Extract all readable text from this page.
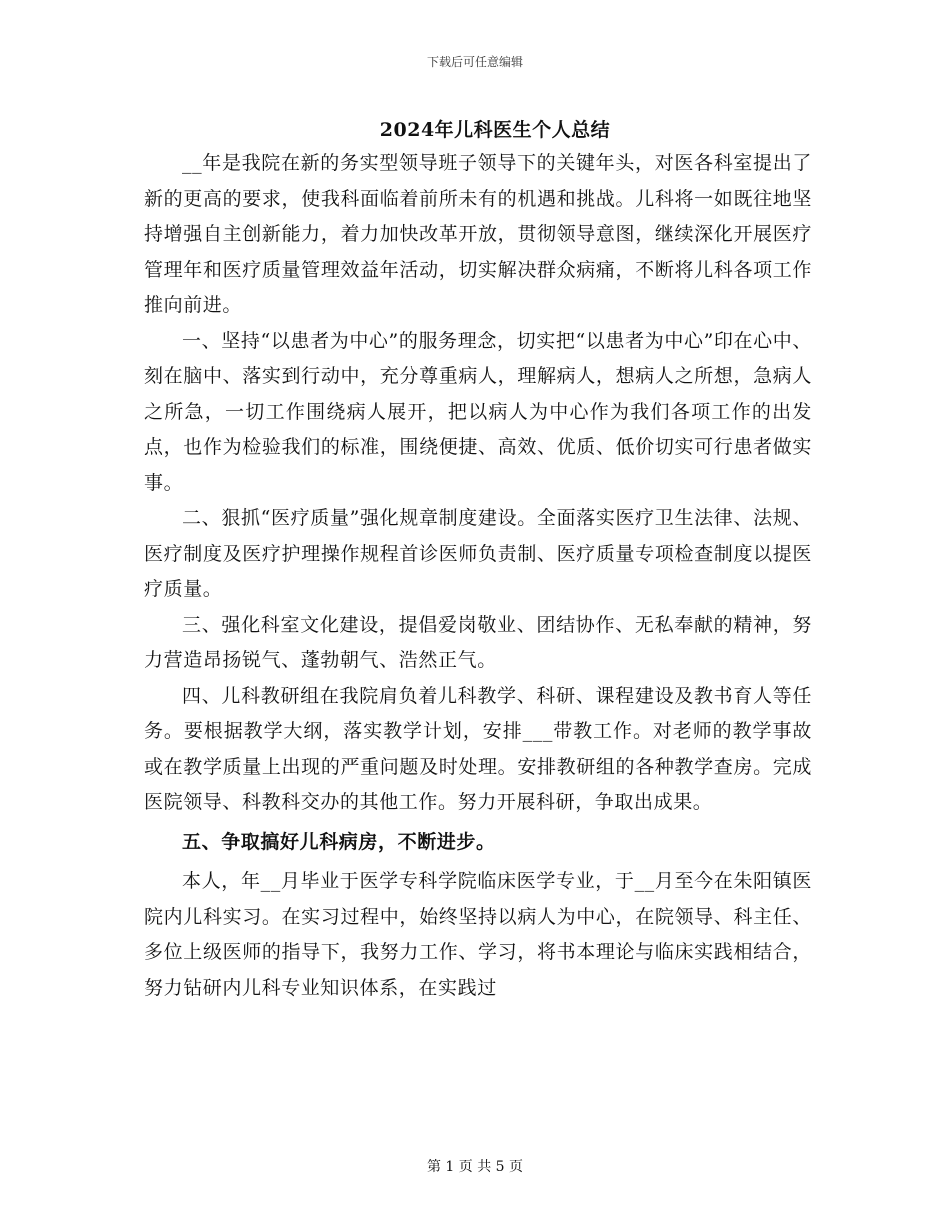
下载后可任意编辑
2024年儿科医生个人总结

__年是我院在新的务实型领导班子领导下的关键年头，对医各科室提出了新的更高的要求，使我科面临着前所未有的机遇和挑战。儿科将一如既往地坚持增强自主创新能力，着力加快改革开放，贯彻领导意图，继续深化开展医疗管理年和医疗质量管理效益年活动，切实解决群众病痛，不断将儿科各项工作推向前进。

一、坚持“以患者为中心”的服务理念，切实把“以患者为中心”印在心中、刻在脑中、落实到行动中，充分尊重病人，理解病人，想病人之所想，急病人之所急，一切工作围绕病人展开，把以病人为中心作为我们各项工作的出发点，也作为检验我们的标准，围绕便捷、高效、优质、低价切实可行患者做实事。

二、狠抓“医疗质量”强化规章制度建设。全面落实医疗卫生法律、法规、医疗制度及医疗护理操作规程首诊医师负责制、医疗质量专项检查制度以提医疗质量。

三、强化科室文化建设，提倡爱岗敬业、团结协作、无私奉献的精神，努力营造昂扬锐气、蓬勃朝气、浩然正气。

四、儿科教研组在我院肩负着儿科教学、科研、课程建设及教书育人等任务。要根据教学大纲，落实教学计划，安排___带教工作。对老师的教学事故或在教学质量上出现的严重问题及时处理。安排教研组的各种教学查房。完成医院领导、科教科交办的其他工作。努力开展科研，争取出成果。

五、争取搞好儿科病房，不断进步。

本人，年__月毕业于医学专科学院临床医学专业，于__月至今在朱阳镇医院内儿科实习。在实习过程中，始终坚持以病人为中心，在院领导、科主任、多位上级医师的指导下，我努力工作、学习，将书本理论与临床实践相结合，努力钻研内儿科专业知识体系，在实践过

第 1 页 共 5 页
